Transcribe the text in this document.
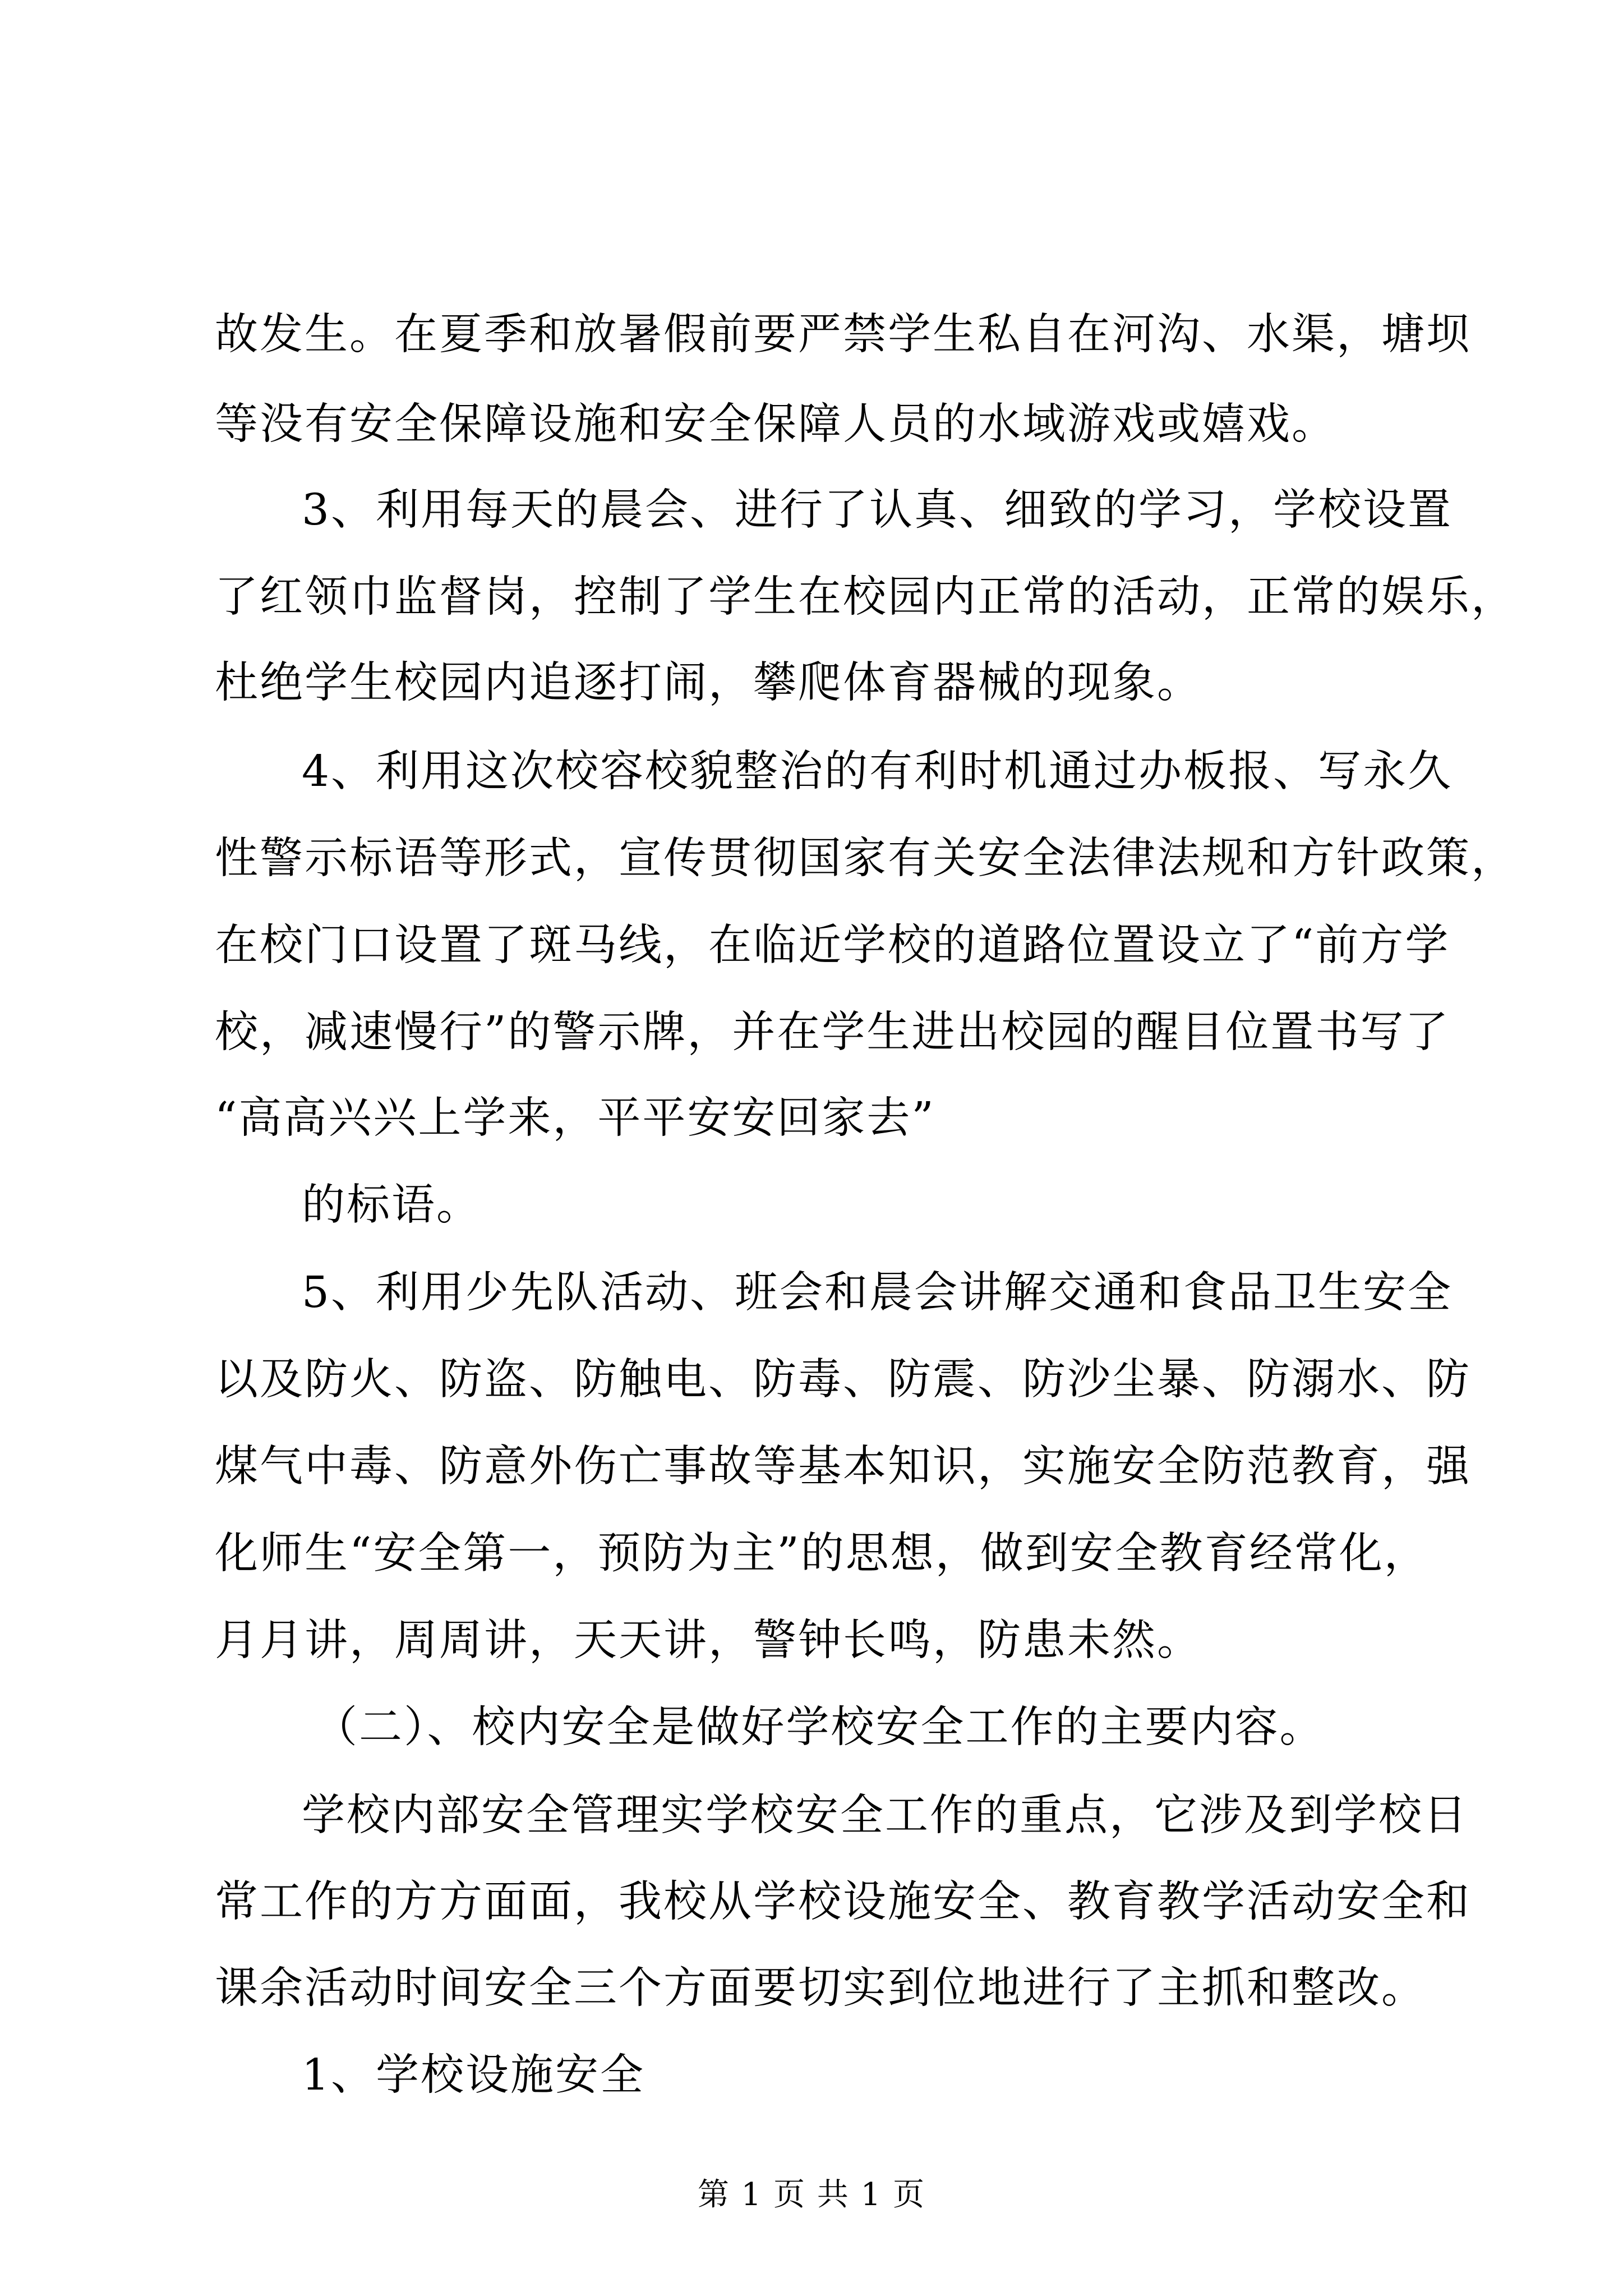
故发生。在夏季和放暑假前要严禁学生私自在河沟、水渠，塘坝
等没有安全保障设施和安全保障人员的水域游戏或嬉戏。
3、利用每天的晨会、进行了认真、细致的学习，学校设置
了红领巾监督岗，控制了学生在校园内正常的活动，正常的娱乐，
杜绝学生校园内追逐打闹，攀爬体育器械的现象。
4、利用这次校容校貌整治的有利时机通过办板报、写永久
性警示标语等形式，宣传贯彻国家有关安全法律法规和方针政策，
在校门口设置了斑马线，在临近学校的道路位置设立了“前方学
校，减速慢行”的警示牌，并在学生进出校园的醒目位置书写了
“高高兴兴上学来，平平安安回家去”
的标语。
5、利用少先队活动、班会和晨会讲解交通和食品卫生安全
以及防火、防盗、防触电、防毒、防震、防沙尘暴、防溺水、防
煤气中毒、防意外伤亡事故等基本知识，实施安全防范教育，强
化师生“安全第一，预防为主”的思想，做到安全教育经常化，
月月讲，周周讲，天天讲，警钟长鸣，防患未然。
（二）、校内安全是做好学校安全工作的主要内容。
学校内部安全管理实学校安全工作的重点，它涉及到学校日
常工作的方方面面，我校从学校设施安全、教育教学活动安全和
课余活动时间安全三个方面要切实到位地进行了主抓和整改。
1、学校设施安全
第 1 页 共 1 页
